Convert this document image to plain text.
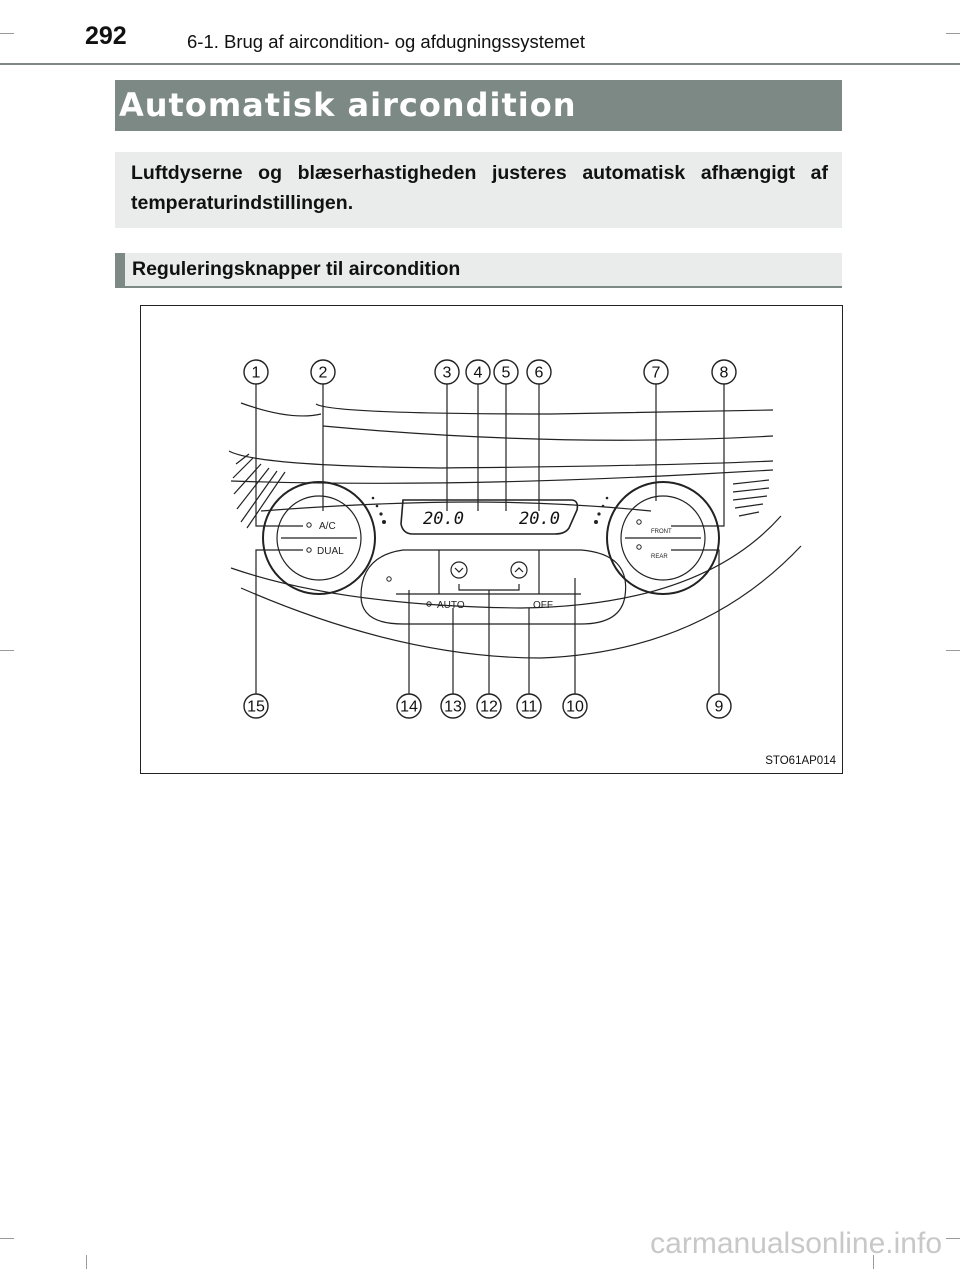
292	6-1. Brug af aircondition- og afdugningssystemet
Automatisk aircondition
Luftdyserne og blæserhastigheden justeres automatisk afhængigt af temperaturindstillingen.
Reguleringsknapper til aircondition
20.0	20.0
A/C
DUAL
AUTO	OFF
FRONT
REAR
1	2	3 4 5 6	7	8
15	14 13 12 11 10	9
STO61AP014
carmanualsonline.info
